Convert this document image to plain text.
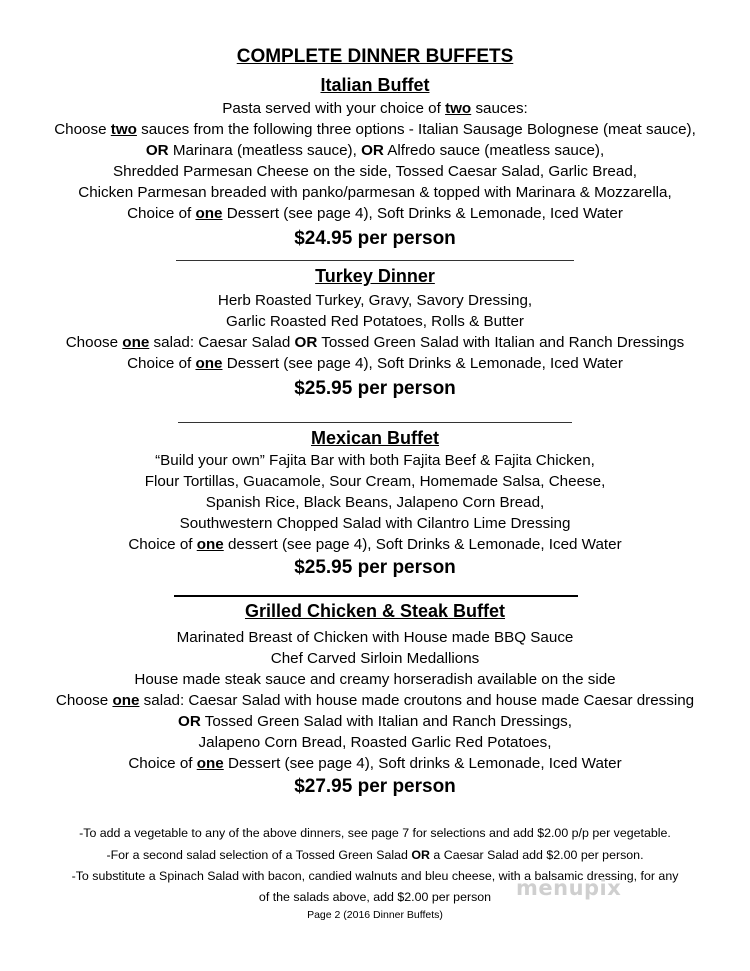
COMPLETE DINNER BUFFETS
Italian Buffet
Pasta served with your choice of two sauces:
Choose two sauces from the following three options - Italian Sausage Bolognese (meat sauce),
OR Marinara (meatless sauce), OR Alfredo sauce (meatless sauce),
Shredded Parmesan Cheese on the side, Tossed Caesar Salad, Garlic Bread,
Chicken Parmesan breaded with panko/parmesan & topped with Marinara & Mozzarella,
Choice of one Dessert (see page 4), Soft Drinks & Lemonade, Iced Water
$24.95 per person
Turkey Dinner
Herb Roasted Turkey, Gravy, Savory Dressing,
Garlic Roasted Red Potatoes, Rolls & Butter
Choose one salad: Caesar Salad OR Tossed Green Salad with Italian and Ranch Dressings
Choice of one Dessert (see page 4), Soft Drinks & Lemonade, Iced Water
$25.95 per person
Mexican Buffet
“Build your own” Fajita Bar with both Fajita Beef & Fajita Chicken,
Flour Tortillas, Guacamole, Sour Cream, Homemade Salsa, Cheese,
Spanish Rice, Black Beans, Jalapeno Corn Bread,
Southwestern Chopped Salad with Cilantro Lime Dressing
Choice of one dessert (see page 4), Soft Drinks & Lemonade, Iced Water
$25.95 per person
Grilled Chicken & Steak Buffet
Marinated Breast of Chicken with House made BBQ Sauce
Chef Carved Sirloin Medallions
House made steak sauce and creamy horseradish available on the side
Choose one salad: Caesar Salad with house made croutons and house made Caesar dressing
OR Tossed Green Salad with Italian and Ranch Dressings,
Jalapeno Corn Bread, Roasted Garlic Red Potatoes,
Choice of one Dessert (see page 4), Soft drinks & Lemonade, Iced Water
$27.95 per person
-To add a vegetable to any of the above dinners, see page 7 for selections and add $2.00 p/p per vegetable.
-For a second salad selection of a Tossed Green Salad OR a Caesar Salad add $2.00 per person.
-To substitute a Spinach Salad with bacon, candied walnuts and bleu cheese, with a balsamic dressing, for any
of the salads above, add $2.00 per person
Page 2 (2016 Dinner Buffets)
menupix
